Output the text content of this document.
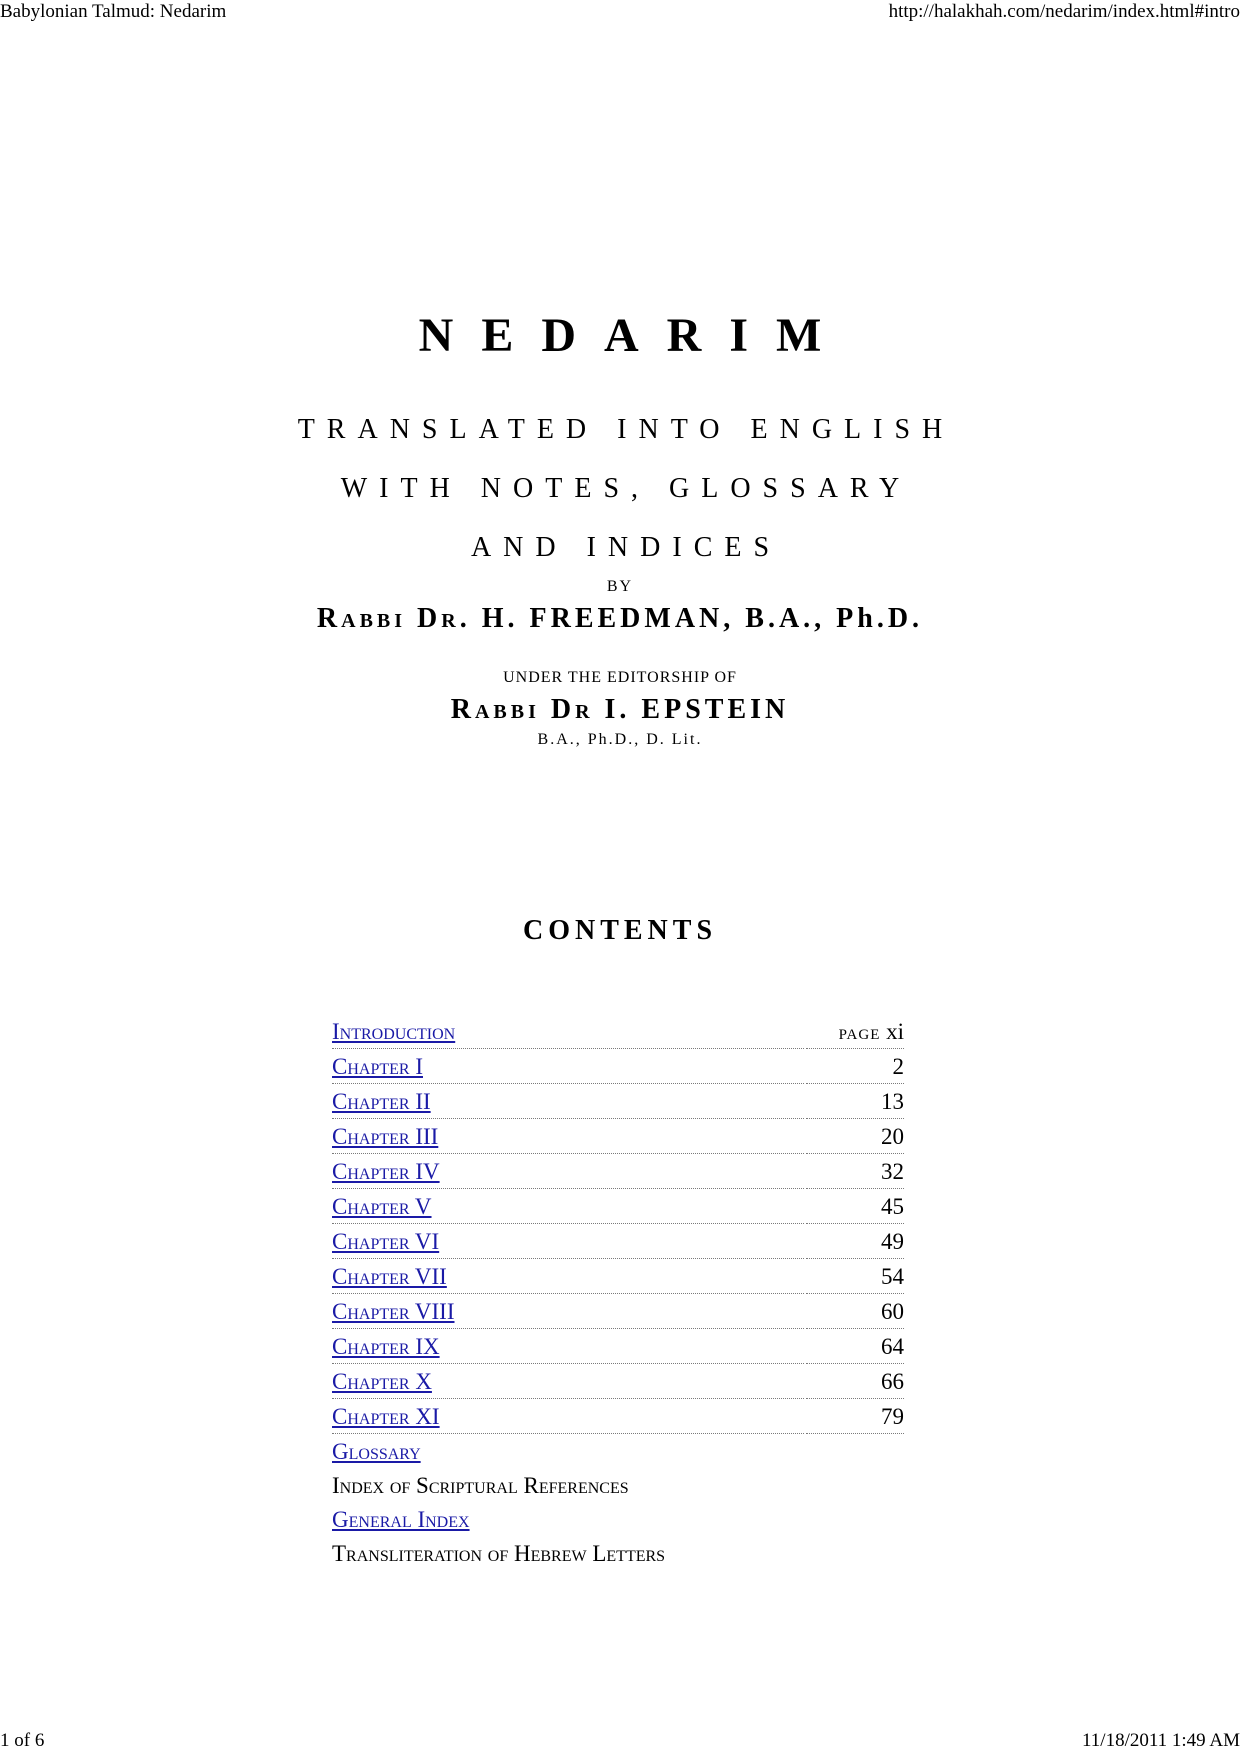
Babylonian Talmud: Nedarim	http://halakhah.com/nedarim/index.html#intro
1 of 6	11/18/2011 1:49 AM
NEDARIM
TRANSLATED INTO ENGLISH
WITH NOTES, GLOSSARY
AND INDICES
BY
Rabbi Dr. H. FREEDMAN, B.A., Ph.D.
UNDER THE EDITORSHIP OF
Rabbi Dr I. EPSTEIN
B.A., Ph.D., D. Lit.
CONTENTS
Introduction	page xi
Chapter I	2
Chapter II	13
Chapter III	20
Chapter IV	32
Chapter V	45
Chapter VI	49
Chapter VII	54
Chapter VIII	60
Chapter IX	64
Chapter X	66
Chapter XI	79
Glossary	
Index of Scriptural References	
General Index	
Transliteration of Hebrew Letters	
